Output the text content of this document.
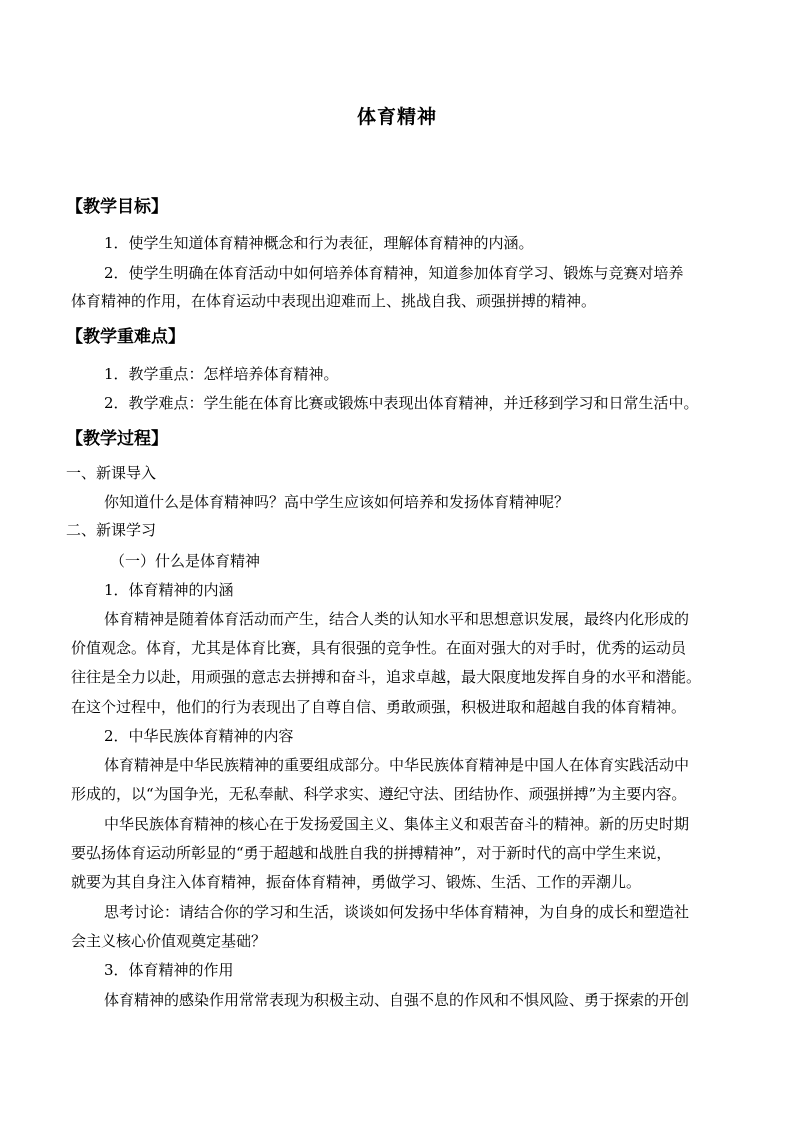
体育精神
【教学目标】
1．使学生知道体育精神概念和行为表征，理解体育精神的内涵。
2．使学生明确在体育活动中如何培养体育精神，知道参加体育学习、锻炼与竞赛对培养
体育精神的作用，在体育运动中表现出迎难而上、挑战自我、顽强拼搏的精神。
【教学重难点】
1．教学重点：怎样培养体育精神。
2．教学难点：学生能在体育比赛或锻炼中表现出体育精神，并迁移到学习和日常生活中。
【教学过程】
一、新课导入
你知道什么是体育精神吗？高中学生应该如何培养和发扬体育精神呢？
二、新课学习
（一）什么是体育精神
1．体育精神的内涵
体育精神是随着体育活动而产生，结合人类的认知水平和思想意识发展，最终内化形成的
价值观念。体育，尤其是体育比赛，具有很强的竞争性。在面对强大的对手时，优秀的运动员
往往是全力以赴，用顽强的意志去拼搏和奋斗，追求卓越，最大限度地发挥自身的水平和潜能。
在这个过程中，他们的行为表现出了自尊自信、勇敢顽强，积极进取和超越自我的体育精神。
2．中华民族体育精神的内容
体育精神是中华民族精神的重要组成部分。中华民族体育精神是中国人在体育实践活动中
形成的，以“为国争光，无私奉献、科学求实、遵纪守法、团结协作、顽强拼搏”为主要内容。
中华民族体育精神的核心在于发扬爱国主义、集体主义和艰苦奋斗的精神。新的历史时期
要弘扬体育运动所彰显的“勇于超越和战胜自我的拼搏精神”，对于新时代的高中学生来说，
就要为其自身注入体育精神，振奋体育精神，勇做学习、锻炼、生活、工作的弄潮儿。
思考讨论：请结合你的学习和生活，谈谈如何发扬中华体育精神，为自身的成长和塑造社
会主义核心价值观奠定基础？
3．体育精神的作用
体育精神的感染作用常常表现为积极主动、自强不息的作风和不惧风险、勇于探索的开创
